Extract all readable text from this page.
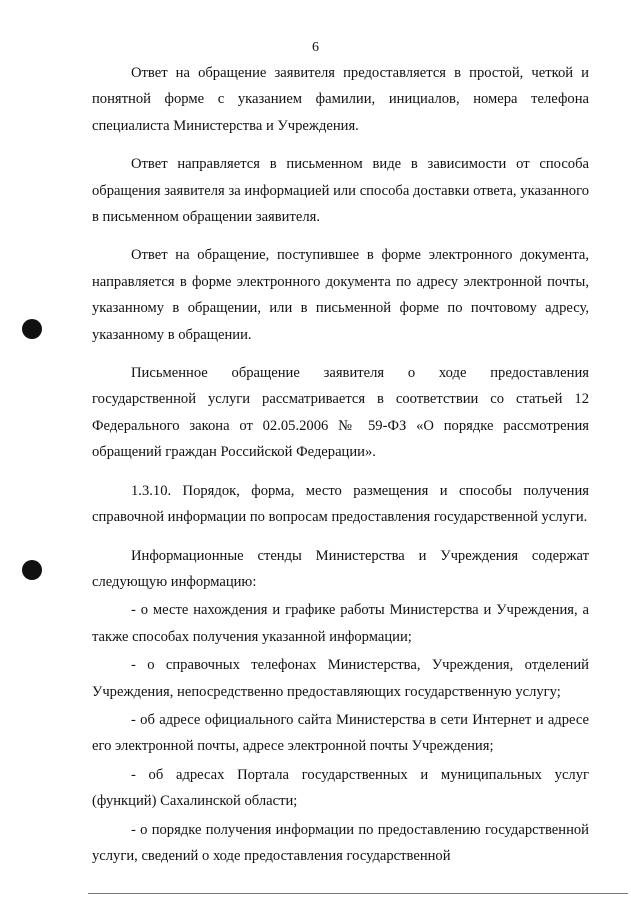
6

Ответ на обращение заявителя предоставляется в простой, четкой и понятной форме с указанием фамилии, инициалов, номера телефона специалиста Министерства и Учреждения.

Ответ направляется в письменном виде в зависимости от способа обращения заявителя за информацией или способа доставки ответа, указанного в письменном обращении заявителя.

Ответ на обращение, поступившее в форме электронного документа, направляется в форме электронного документа по адресу электронной почты, указанному в обращении, или в письменной форме по почтовому адресу, указанному в обращении.

Письменное обращение заявителя о ходе предоставления государственной услуги рассматривается в соответствии со статьей 12 Федерального закона от 02.05.2006 № 59-ФЗ «О порядке рассмотрения обращений граждан Российской Федерации».

1.3.10. Порядок, форма, место размещения и способы получения справочной информации по вопросам предоставления государственной услуги.

Информационные стенды Министерства и Учреждения содержат следующую информацию:

- о месте нахождения и графике работы Министерства и Учреждения, а также способах получения указанной информации;

- о справочных телефонах Министерства, Учреждения, отделений Учреждения, непосредственно предоставляющих государственную услугу;

- об адресе официального сайта Министерства в сети Интернет и адресе его электронной почты, адресе электронной почты Учреждения;

- об адресах Портала государственных и муниципальных услуг (функций) Сахалинской области;

- о порядке получения информации по предоставлению государственной услуги, сведений о ходе предоставления государственной
